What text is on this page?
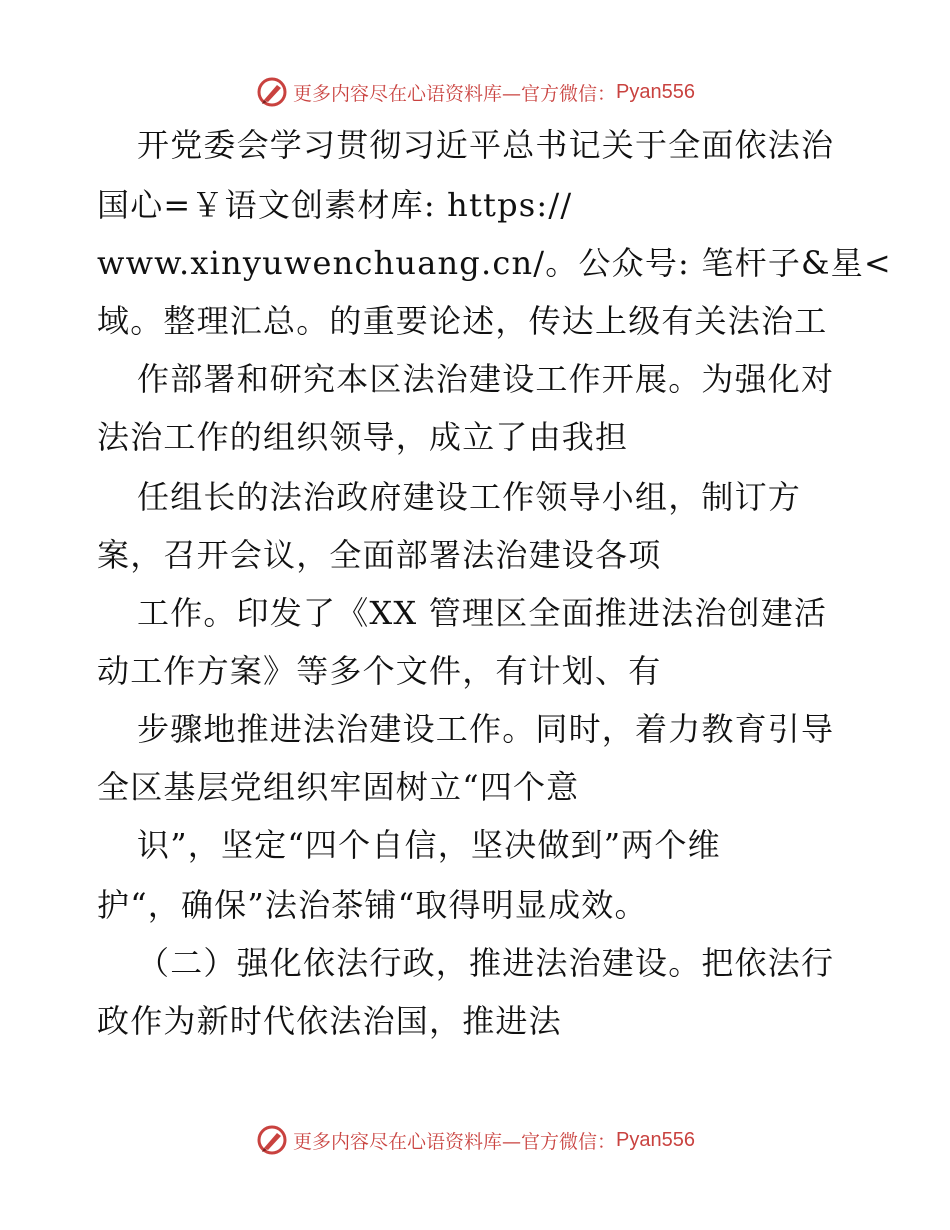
更多内容尽在心语资料库—官方微信： Pyan556
开党委会学习贯彻习近平总书记关于全面依法治
国心=￥语文创素材库: https://
www.xinyuwenchuang.cn/。公众号: 笔杆子&星<
域。整理汇总。的重要论述，传达上级有关法治工
作部署和研究本区法治建设工作开展。为强化对
法治工作的组织领导，成立了由我担
任组长的法治政府建设工作领导小组，制订方
案，召开会议，全面部署法治建设各项
工作。印发了《XX 管理区全面推进法治创建活
动工作方案》等多个文件，有计划、有
步骤地推进法治建设工作。同时，着力教育引导
全区基层党组织牢固树立“四个意
识”，坚定“四个自信，坚决做到”两个维
护“，确保”法治茶铺“取得明显成效。
（二）强化依法行政，推进法治建设。把依法行
政作为新时代依法治国，推进法
更多内容尽在心语资料库—官方微信： Pyan556
